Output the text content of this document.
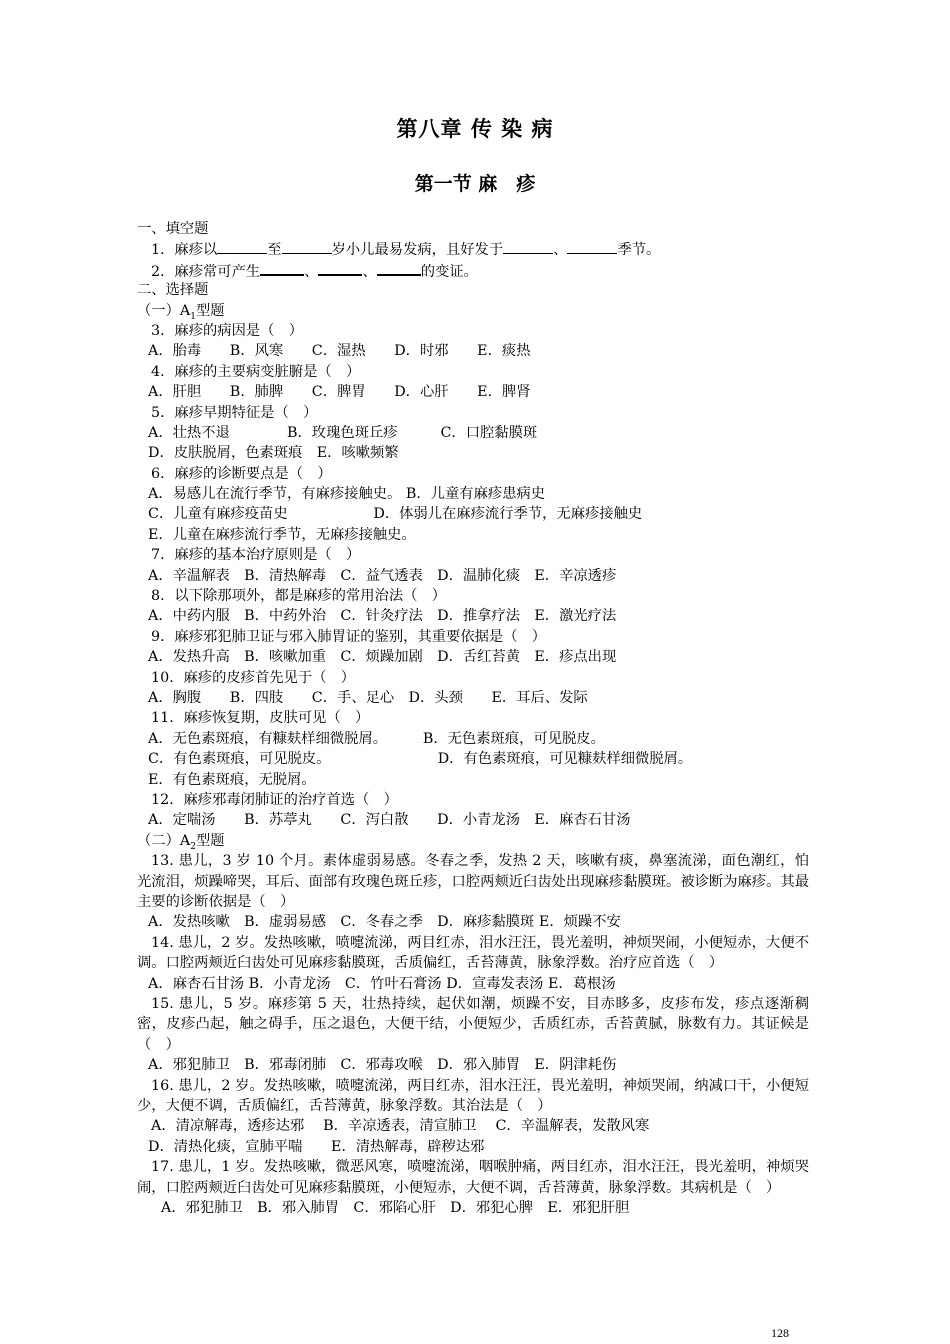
第八章 传 染 病
第一节 麻　疹
一、填空题
1．麻疹以	至	岁小儿最易发病，且好发于	、	季节。
2．麻疹常可产生	、	、	的变证。
二、选择题
（一）$A_1$型题
3．麻疹的病因是（　）
A．胎毒　　B．风寒　　C．湿热　　D．时邪　　E．痰热
4．麻疹的主要病变脏腑是（　）
A．肝胆　　B．肺脾　　C．脾胃　　D．心肝　　E．脾肾
5．麻疹早期特征是（　）
A．壮热不退　　　　B．玫瑰色斑丘疹　　　C．口腔黏膜斑
D．皮肤脱屑，色素斑痕　E．咳嗽频繁
6．麻疹的诊断要点是（　）
A．易感儿在流行季节，有麻疹接触史。 B．儿童有麻疹患病史
C．儿童有麻疹疫苗史　　　　　　D．体弱儿在麻疹流行季节，无麻疹接触史
E．儿童在麻疹流行季节，无麻疹接触史。
7．麻疹的基本治疗原则是（　）
A．辛温解表　B．清热解毒　C．益气透表　D．温肺化痰　E．辛凉透疹
8．以下除那项外，都是麻疹的常用治法（　）
A．中药内服　B．中药外治　C．针灸疗法　D．推拿疗法　E．激光疗法
9．麻疹邪犯肺卫证与邪入肺胃证的鉴别，其重要依据是（　）
A．发热升高　B．咳嗽加重　C．烦躁加剧　D．舌红苔黄　E．疹点出现
10．麻疹的皮疹首先见于（　）
A．胸腹　　B．四肢　　C．手、足心　D．头颈　　E．耳后、发际
11．麻疹恢复期，皮肤可见（　）
A．无色素斑痕，有糠麸样细微脱屑。　　　B．无色素斑痕，可见脱皮。
C．有色素斑痕，可见脱皮。　　　　　　　　D．有色素斑痕，可见糠麸样细微脱屑。
E．有色素斑痕，无脱屑。
12．麻疹邪毒闭肺证的治疗首选（　）
A．定喘汤　　B．苏葶丸　　C．泻白散　　D．小青龙汤　E．麻杏石甘汤
（二）$A_2$型题
13. 患儿，3 岁 10 个月。素体虚弱易感。冬春之季，发热 2 天，咳嗽有痰，鼻塞流涕，面色潮红，怕光流泪，烦躁啼哭，耳后、面部有玫瑰色斑丘疹，口腔两颊近臼齿处出现麻疹黏膜斑。被诊断为麻疹。其最主要的诊断依据是（　）
A．发热咳嗽　B．虚弱易感　C．冬春之季　D．麻疹黏膜斑 E．烦躁不安
14. 患儿，2 岁。发热咳嗽，喷嚏流涕，两目红赤，泪水汪汪，畏光羞明，神烦哭闹，小便短赤，大便不调。口腔两颊近臼齿处可见麻疹黏膜斑，舌质偏红，舌苔薄黄，脉象浮数。治疗应首选（　）
A．麻杏石甘汤 B．小青龙汤　C．竹叶石膏汤 D．宣毒发表汤 E．葛根汤
15. 患儿，5 岁。麻疹第 5 天，壮热持续，起伏如潮，烦躁不安，目赤眵多，皮疹布发，疹点逐渐稠密，皮疹凸起，触之碍手，压之退色，大便干结，小便短少，舌质红赤，舌苔黄腻，脉数有力。其证候是（　）
A．邪犯肺卫　B．邪毒闭肺　C．邪毒攻喉　D．邪入肺胃　E．阴津耗伤
16. 患儿，2 岁。发热咳嗽，喷嚏流涕，两目红赤，泪水汪汪，畏光羞明，神烦哭闹，纳减口干，小便短少，大便不调，舌质偏红，舌苔薄黄，脉象浮数。其治法是（　）
A．清凉解毒，透疹达邪　 B．辛凉透表，清宣肺卫　 C．辛温解表，发散风寒
D．清热化痰，宣肺平喘　　E．清热解毒，辟秽达邪
17. 患儿，1 岁。发热咳嗽，微恶风寒，喷嚏流涕，咽喉肿痛，两目红赤，泪水汪汪，畏光羞明，神烦哭闹，口腔两颊近臼齿处可见麻疹黏膜斑，小便短赤，大便不调，舌苔薄黄，脉象浮数。其病机是（　）
A．邪犯肺卫　B．邪入肺胃　C．邪陷心肝　D．邪犯心脾　E．邪犯肝胆
128
